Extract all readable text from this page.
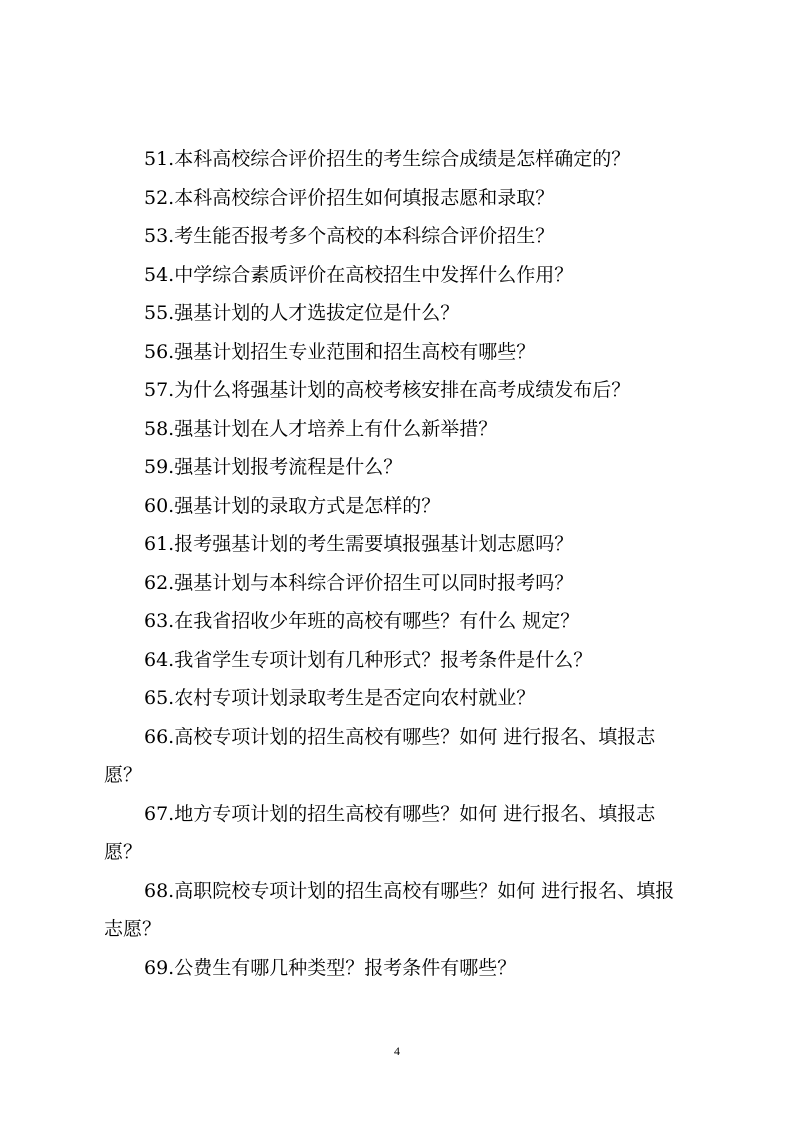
51.本科高校综合评价招生的考生综合成绩是怎样确定的？

52.本科高校综合评价招生如何填报志愿和录取？

53.考生能否报考多个高校的本科综合评价招生？

54.中学综合素质评价在高校招生中发挥什么作用？

55.强基计划的人才选拔定位是什么？

56.强基计划招生专业范围和招生高校有哪些？

57.为什么将强基计划的高校考核安排在高考成绩发布后？

58.强基计划在人才培养上有什么新举措？

59.强基计划报考流程是什么？

60.强基计划的录取方式是怎样的？

61.报考强基计划的考生需要填报强基计划志愿吗？

62.强基计划与本科综合评价招生可以同时报考吗？

63.在我省招收少年班的高校有哪些？有什么 规定？

64.我省学生专项计划有几种形式？报考条件是什么？

65.农村专项计划录取考生是否定向农村就业？

66.高校专项计划的招生高校有哪些？如何 进行报名、填报志愿？

67.地方专项计划的招生高校有哪些？如何 进行报名、填报志愿？

68.高职院校专项计划的招生高校有哪些？如何 进行报名、填报志愿？

69.公费生有哪几种类型？报考条件有哪些？

4
